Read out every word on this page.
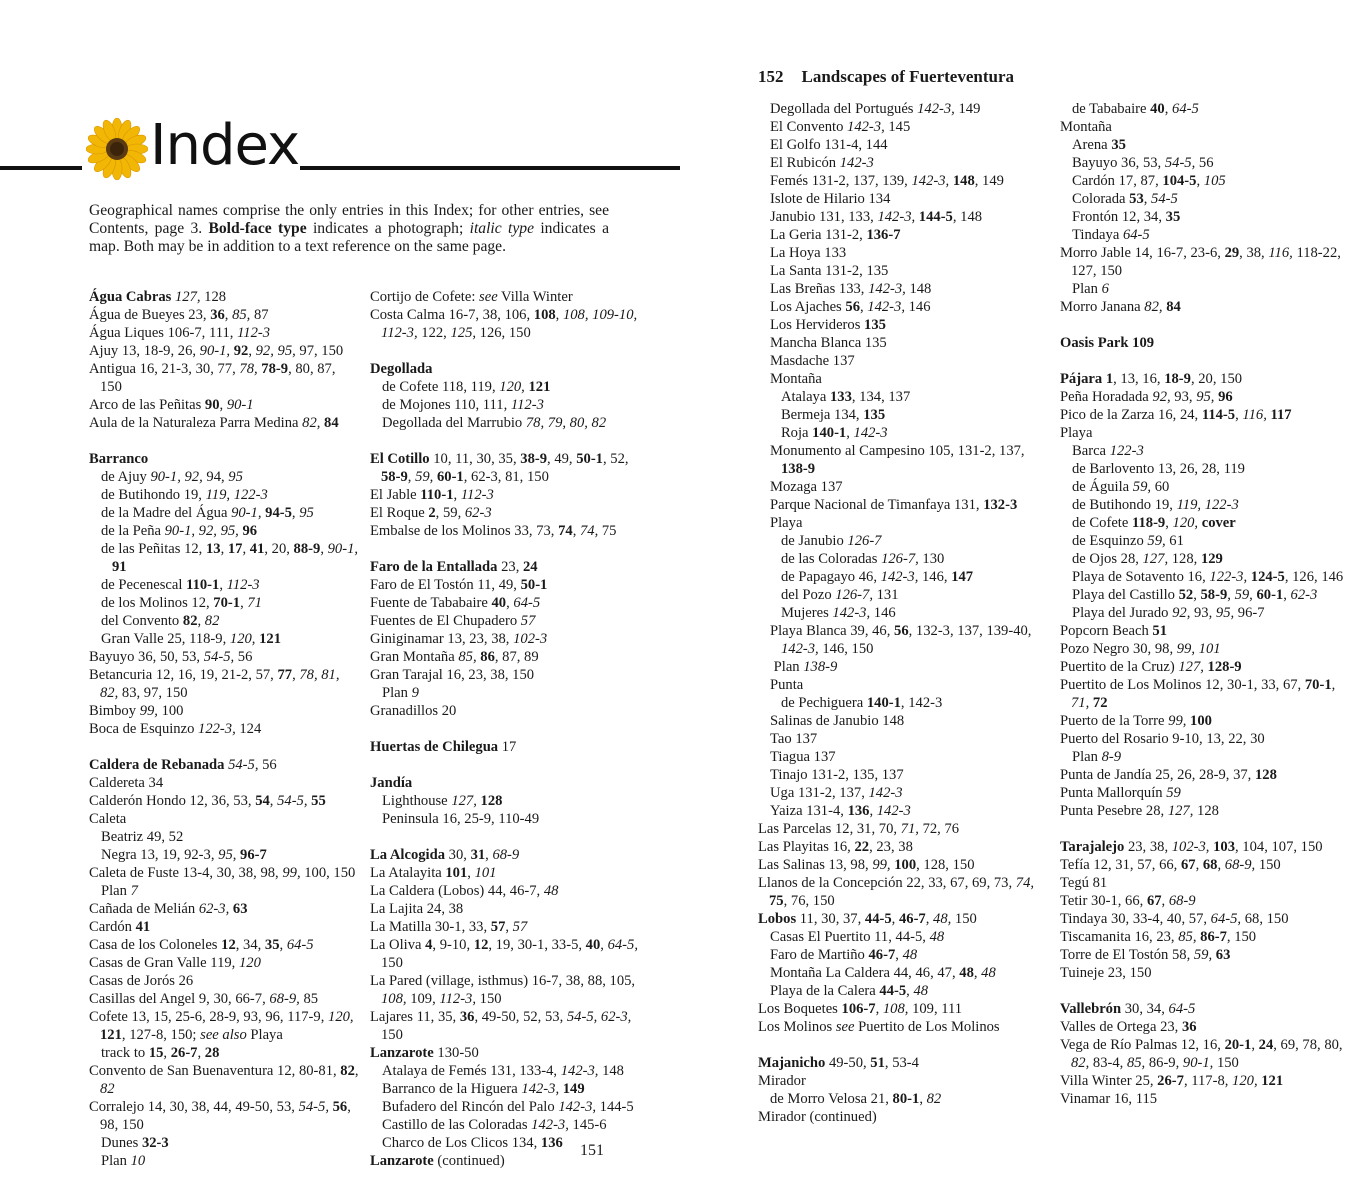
Index
Geographical names comprise the only entries in this Index; for other entries, see Contents, page 3. Bold-face type indicates a photograph; italic type indicates a map. Both may be in addition to a text reference on the same page.
Água Cabras 127, 128
Água de Bueyes 23, 36, 85, 87
Água Liques 106-7, 111, 112-3
Ajuy 13, 18-9, 26, 90-1, 92, 92, 95, 97, 150
Antigua 16, 21-3, 30, 77, 78, 78-9, 80, 87, 150
Arco de las Peñitas 90, 90-1
Aula de la Naturaleza Parra Medina 82, 84
Barranco
de Ajuy 90-1, 92, 94, 95
de Butihondo 19, 119, 122-3
de la Madre del Água 90-1, 94-5, 95
de la Peña 90-1, 92, 95, 96
de las Peñitas 12, 13, 17, 41, 20, 88-9, 90-1, 91
de Pecenescal 110-1, 112-3
de los Molinos 12, 70-1, 71
del Convento 82, 82
Gran Valle 25, 118-9, 120, 121
Bayuyo 36, 50, 53, 54-5, 56
Betancuria 12, 16, 19, 21-2, 57, 77, 78, 81, 82, 83, 97, 150
Bimboy 99, 100
Boca de Esquinzo 122-3, 124
Caldera de Rebanada 54-5, 56
Caldereta 34
Calderón Hondo 12, 36, 53, 54, 54-5, 55
Caleta
Beatriz 49, 52
Negra 13, 19, 92-3, 95, 96-7
Caleta de Fuste 13-4, 30, 38, 98, 99, 100, 150
Plan 7
Cañada de Melián 62-3, 63
Cardón 41
Casa de los Coloneles 12, 34, 35, 64-5
Casas de Gran Valle 119, 120
Casas de Jorós 26
Casillas del Angel 9, 30, 66-7, 68-9, 85
Cofete 13, 15, 25-6, 28-9, 93, 96, 117-9, 120, 121, 127-8, 150; see also Playa
track to 15, 26-7, 28
Convento de San Buenaventura 12, 80-81, 82, 82
Corralejo 14, 30, 38, 44, 49-50, 53, 54-5, 56, 98, 150
Dunes 32-3
Plan 10
Cortijo de Cofete: see Villa Winter
Costa Calma 16-7, 38, 106, 108, 108, 109-10, 112-3, 122, 125, 126, 150
Degollada
de Cofete 118, 119, 120, 121
de Mojones 110, 111, 112-3
Degollada del Marrubio 78, 79, 80, 82
El Cotillo 10, 11, 30, 35, 38-9, 49, 50-1, 52, 58-9, 59, 60-1, 62-3, 81, 150
El Jable 110-1, 112-3
El Roque 2, 59, 62-3
Embalse de los Molinos 33, 73, 74, 74, 75
Faro de la Entallada 23, 24
Faro de El Tostón 11, 49, 50-1
Fuente de Tababaire 40, 64-5
Fuentes de El Chupadero 57
Giniginamar 13, 23, 38, 102-3
Gran Montaña 85, 86, 87, 89
Gran Tarajal 16, 23, 38, 150
Plan 9
Granadillos 20
Huertas de Chilegua 17
Jandía
Lighthouse 127, 128
Peninsula 16, 25-9, 110-49
La Alcogida 30, 31, 68-9
La Atalayita 101, 101
La Caldera (Lobos) 44, 46-7, 48
La Lajita 24, 38
La Matilla 30-1, 33, 57, 57
La Oliva 4, 9-10, 12, 19, 30-1, 33-5, 40, 64-5, 150
La Pared (village, isthmus) 16-7, 38, 88, 105, 108, 109, 112-3, 150
Lajares 11, 35, 36, 49-50, 52, 53, 54-5, 62-3, 150
Lanzarote 130-50
Atalaya de Femés 131, 133-4, 142-3, 148
Barranco de la Higuera 142-3, 149
Bufadero del Rincón del Palo 142-3, 144-5
Castillo de las Coloradas 142-3, 145-6
Charco de Los Clicos 134, 136
Lanzarote (continued)
151
152 Landscapes of Fuerteventura
Degollada del Portugués 142-3, 149
El Convento 142-3, 145
El Golfo 131-4, 144
El Rubicón 142-3
Femés 131-2, 137, 139, 142-3, 148, 149
Islote de Hilario 134
Janubio 131, 133, 142-3, 144-5, 148
La Geria 131-2, 136-7
La Hoya 133
La Santa 131-2, 135
Las Breñas 133, 142-3, 148
Los Ajaches 56, 142-3, 146
Los Hervideros 135
Mancha Blanca 135
Masdache 137
Montaña
Atalaya 133, 134, 137
Bermeja 134, 135
Roja 140-1, 142-3
Monumento al Campesino 105, 131-2, 137, 138-9
Mozaga 137
Parque Nacional de Timanfaya 131, 132-3
Playa
de Janubio 126-7
de las Coloradas 126-7, 130
de Papagayo 46, 142-3, 146, 147
del Pozo 126-7, 131
Mujeres 142-3, 146
Playa Blanca 39, 46, 56, 132-3, 137, 139-40, 142-3, 146, 150
Plan 138-9
Punta
de Pechiguera 140-1, 142-3
Salinas de Janubio 148
Tao 137
Tiagua 137
Tinajo 131-2, 135, 137
Uga 131-2, 137, 142-3
Yaiza 131-4, 136, 142-3
Las Parcelas 12, 31, 70, 71, 72, 76
Las Playitas 16, 22, 23, 38
Las Salinas 13, 98, 99, 100, 128, 150
Llanos de la Concepción 22, 33, 67, 69, 73, 74, 75, 76, 150
Lobos 11, 30, 37, 44-5, 46-7, 48, 150
Casas El Puertito 11, 44-5, 48
Faro de Martiño 46-7, 48
Montaña La Caldera 44, 46, 47, 48, 48
Playa de la Calera 44-5, 48
Los Boquetes 106-7, 108, 109, 111
Los Molinos see Puertito de Los Molinos
Majanicho 49-50, 51, 53-4
Mirador
de Morro Velosa 21, 80-1, 82
Mirador (continued)
de Tababaire 40, 64-5
Montaña
Arena 35
Bayuyo 36, 53, 54-5, 56
Cardón 17, 87, 104-5, 105
Colorada 53, 54-5
Frontón 12, 34, 35
Tindaya 64-5
Morro Jable 14, 16-7, 23-6, 29, 38, 116, 118-22, 127, 150
Plan 6
Morro Janana 82, 84
Oasis Park 109
Pájara 1, 13, 16, 18-9, 20, 150
Peña Horadada 92, 93, 95, 96
Pico de la Zarza 16, 24, 114-5, 116, 117
Playa
Barca 122-3
de Barlovento 13, 26, 28, 119
de Águila 59, 60
de Butihondo 19, 119, 122-3
de Cofete 118-9, 120, cover
de Esquinzo 59, 61
de Ojos 28, 127, 128, 129
Playa de Sotavento 16, 122-3, 124-5, 126, 146
Playa del Castillo 52, 58-9, 59, 60-1, 62-3
Playa del Jurado 92, 93, 95, 96-7
Popcorn Beach 51
Pozo Negro 30, 98, 99, 101
Puertito de la Cruz) 127, 128-9
Puertito de Los Molinos 12, 30-1, 33, 67, 70-1, 71, 72
Puerto de la Torre 99, 100
Puerto del Rosario 9-10, 13, 22, 30
Plan 8-9
Punta de Jandía 25, 26, 28-9, 37, 128
Punta Mallorquín 59
Punta Pesebre 28, 127, 128
Tarajalejo 23, 38, 102-3, 103, 104, 107, 150
Tefía 12, 31, 57, 66, 67, 68, 68-9, 150
Tegú 81
Tetir 30-1, 66, 67, 68-9
Tindaya 30, 33-4, 40, 57, 64-5, 68, 150
Tiscamanita 16, 23, 85, 86-7, 150
Torre de El Tostón 58, 59, 63
Tuineje 23, 150
Vallebrón 30, 34, 64-5
Valles de Ortega 23, 36
Vega de Río Palmas 12, 16, 20-1, 24, 69, 78, 80, 82, 83-4, 85, 86-9, 90-1, 150
Villa Winter 25, 26-7, 117-8, 120, 121
Vinamar 16, 115
